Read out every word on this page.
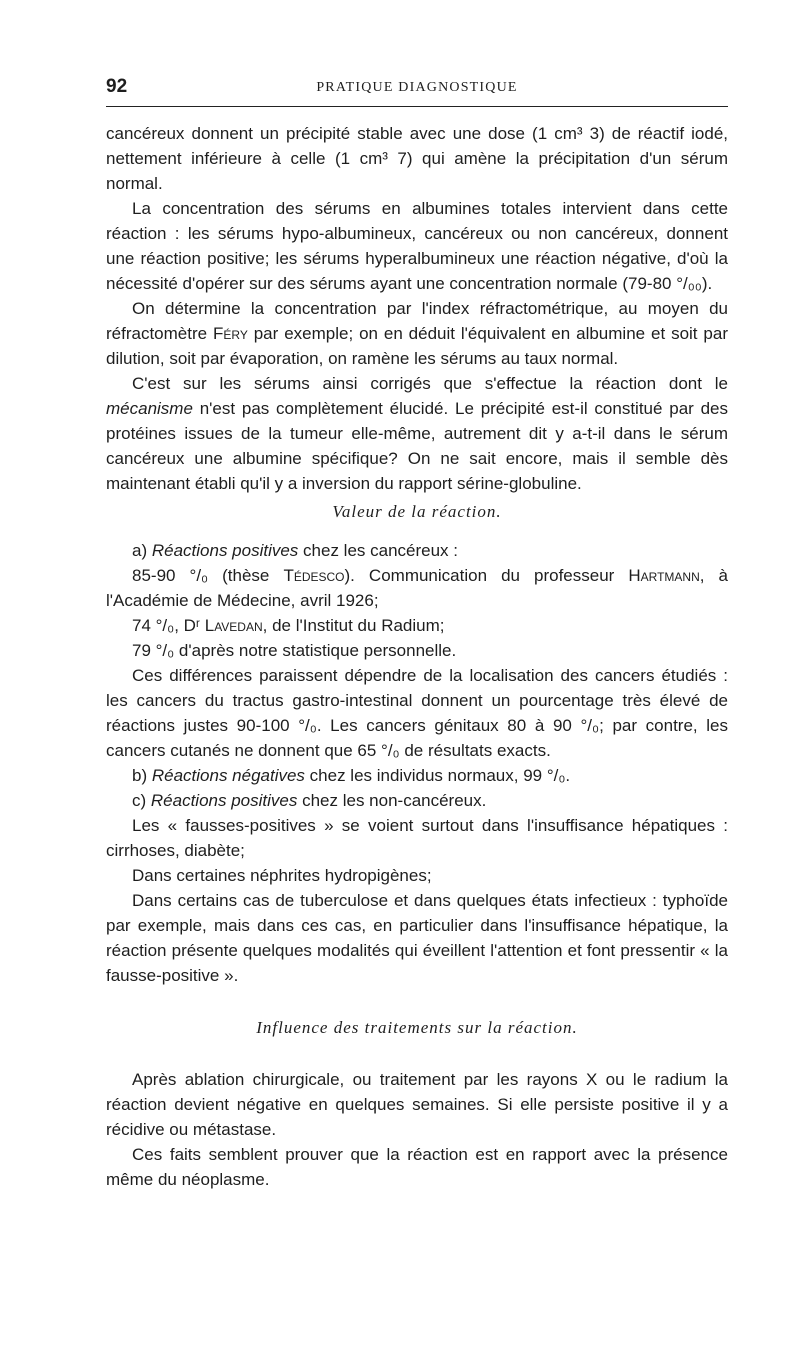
92	PRATIQUE DIAGNOSTIQUE

cancéreux donnent un précipité stable avec une dose (1 cm³ 3) de réactif iodé, nettement inférieure à celle (1 cm³ 7) qui amène la précipitation d'un sérum normal.

La concentration des sérums en albumines totales intervient dans cette réaction : les sérums hypo-albumineux, cancéreux ou non cancéreux, donnent une réaction positive; les sérums hyperalbumineux une réaction négative, d'où la nécessité d'opérer sur des sérums ayant une concentration normale (79-80 °/₀₀).

On détermine la concentration par l'index réfractométrique, au moyen du réfractomètre Féry par exemple; on en déduit l'équivalent en albumine et soit par dilution, soit par évaporation, on ramène les sérums au taux normal.

C'est sur les sérums ainsi corrigés que s'effectue la réaction dont le mécanisme n'est pas complètement élucidé. Le précipité est-il constitué par des protéines issues de la tumeur elle-même, autrement dit y a-t-il dans le sérum cancéreux une albumine spécifique? On ne sait encore, mais il semble dès maintenant établi qu'il y a inversion du rapport sérine-globuline.

Valeur de la réaction.

a) Réactions positives chez les cancéreux :

85-90 °/₀ (thèse Tédesco). Communication du professeur Hartmann, à l'Académie de Médecine, avril 1926;

74 °/₀, Dʳ Lavedan, de l'Institut du Radium;

79 °/₀ d'après notre statistique personnelle.

Ces différences paraissent dépendre de la localisation des cancers étudiés : les cancers du tractus gastro-intestinal donnent un pourcentage très élevé de réactions justes 90-100 °/₀. Les cancers génitaux 80 à 90 °/₀; par contre, les cancers cutanés ne donnent que 65 °/₀ de résultats exacts.

b) Réactions négatives chez les individus normaux, 99 °/₀.

c) Réactions positives chez les non-cancéreux.

Les « fausses-positives » se voient surtout dans l'insuffisance hépatiques : cirrhoses, diabète;

Dans certaines néphrites hydropigènes;

Dans certains cas de tuberculose et dans quelques états infectieux : typhoïde par exemple, mais dans ces cas, en particulier dans l'insuffisance hépatique, la réaction présente quelques modalités qui éveillent l'attention et font pressentir « la fausse-positive ».

Influence des traitements sur la réaction.

Après ablation chirurgicale, ou traitement par les rayons X ou le radium la réaction devient négative en quelques semaines. Si elle persiste positive il y a récidive ou métastase.

Ces faits semblent prouver que la réaction est en rapport avec la présence même du néoplasme.
